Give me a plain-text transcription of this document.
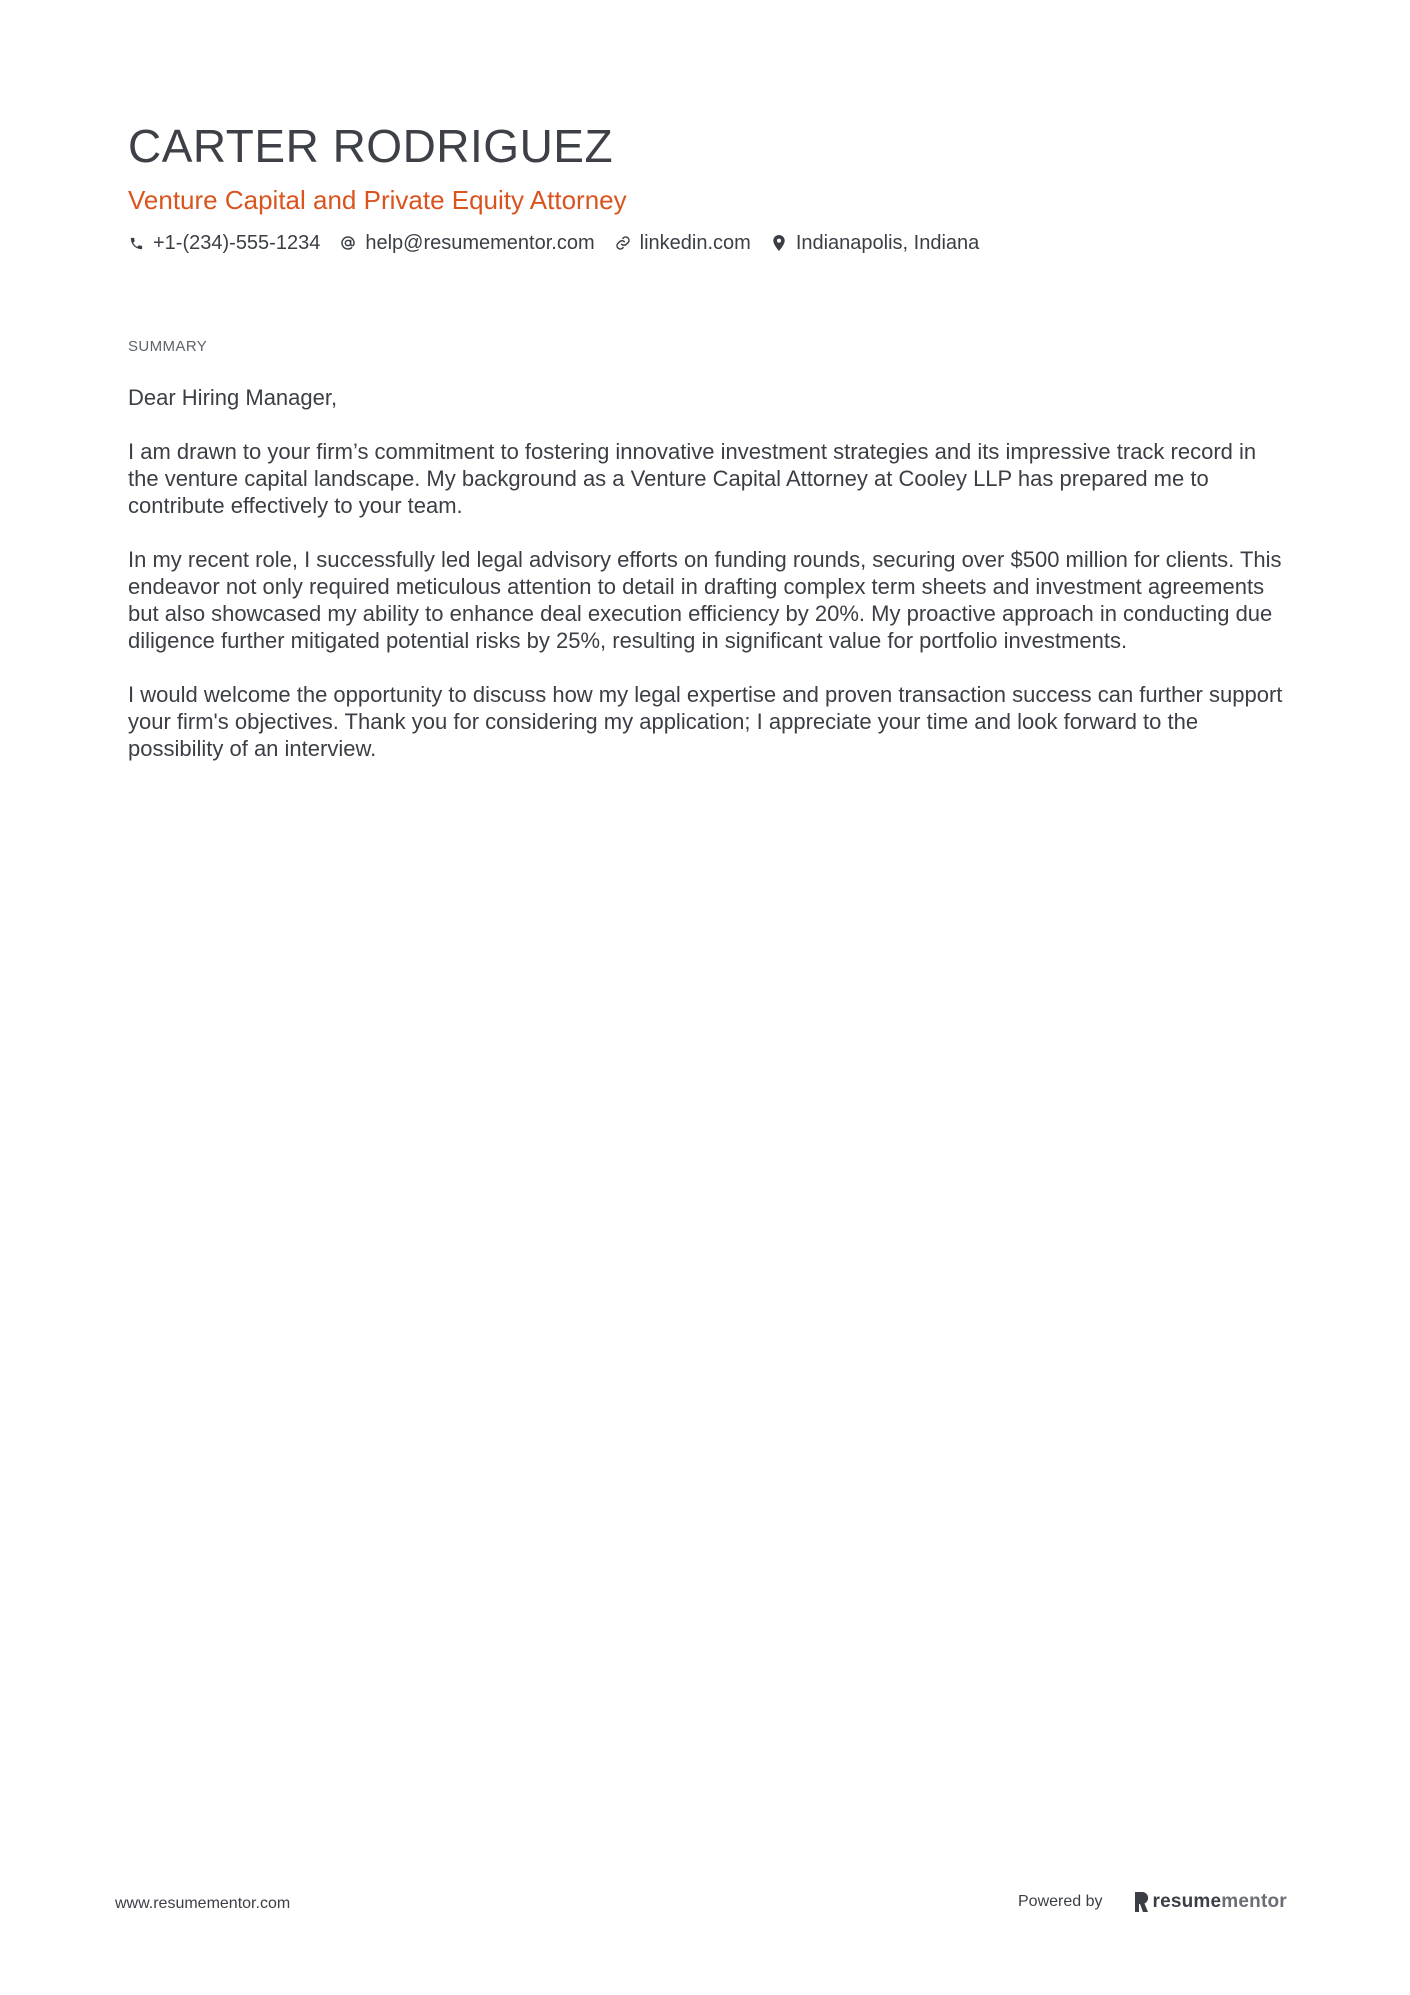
CARTER RODRIGUEZ
Venture Capital and Private Equity Attorney
+1-(234)-555-1234 help@resumementor.com linkedin.com Indianapolis, Indiana
SUMMARY

Dear Hiring Manager,

I am drawn to your firm’s commitment to fostering innovative investment strategies and its impressive track record in the venture capital landscape. My background as a Venture Capital Attorney at Cooley LLP has prepared me to contribute effectively to your team.

In my recent role, I successfully led legal advisory efforts on funding rounds, securing over $500 million for clients. This endeavor not only required meticulous attention to detail in drafting complex term sheets and investment agreements but also showcased my ability to enhance deal execution efficiency by 20%. My proactive approach in conducting due diligence further mitigated potential risks by 25%, resulting in significant value for portfolio investments.

I would welcome the opportunity to discuss how my legal expertise and proven transaction success can further support your firm's objectives. Thank you for considering my application; I appreciate your time and look forward to the possibility of an interview.

www.resumementor.com	Powered by	resume mentor
